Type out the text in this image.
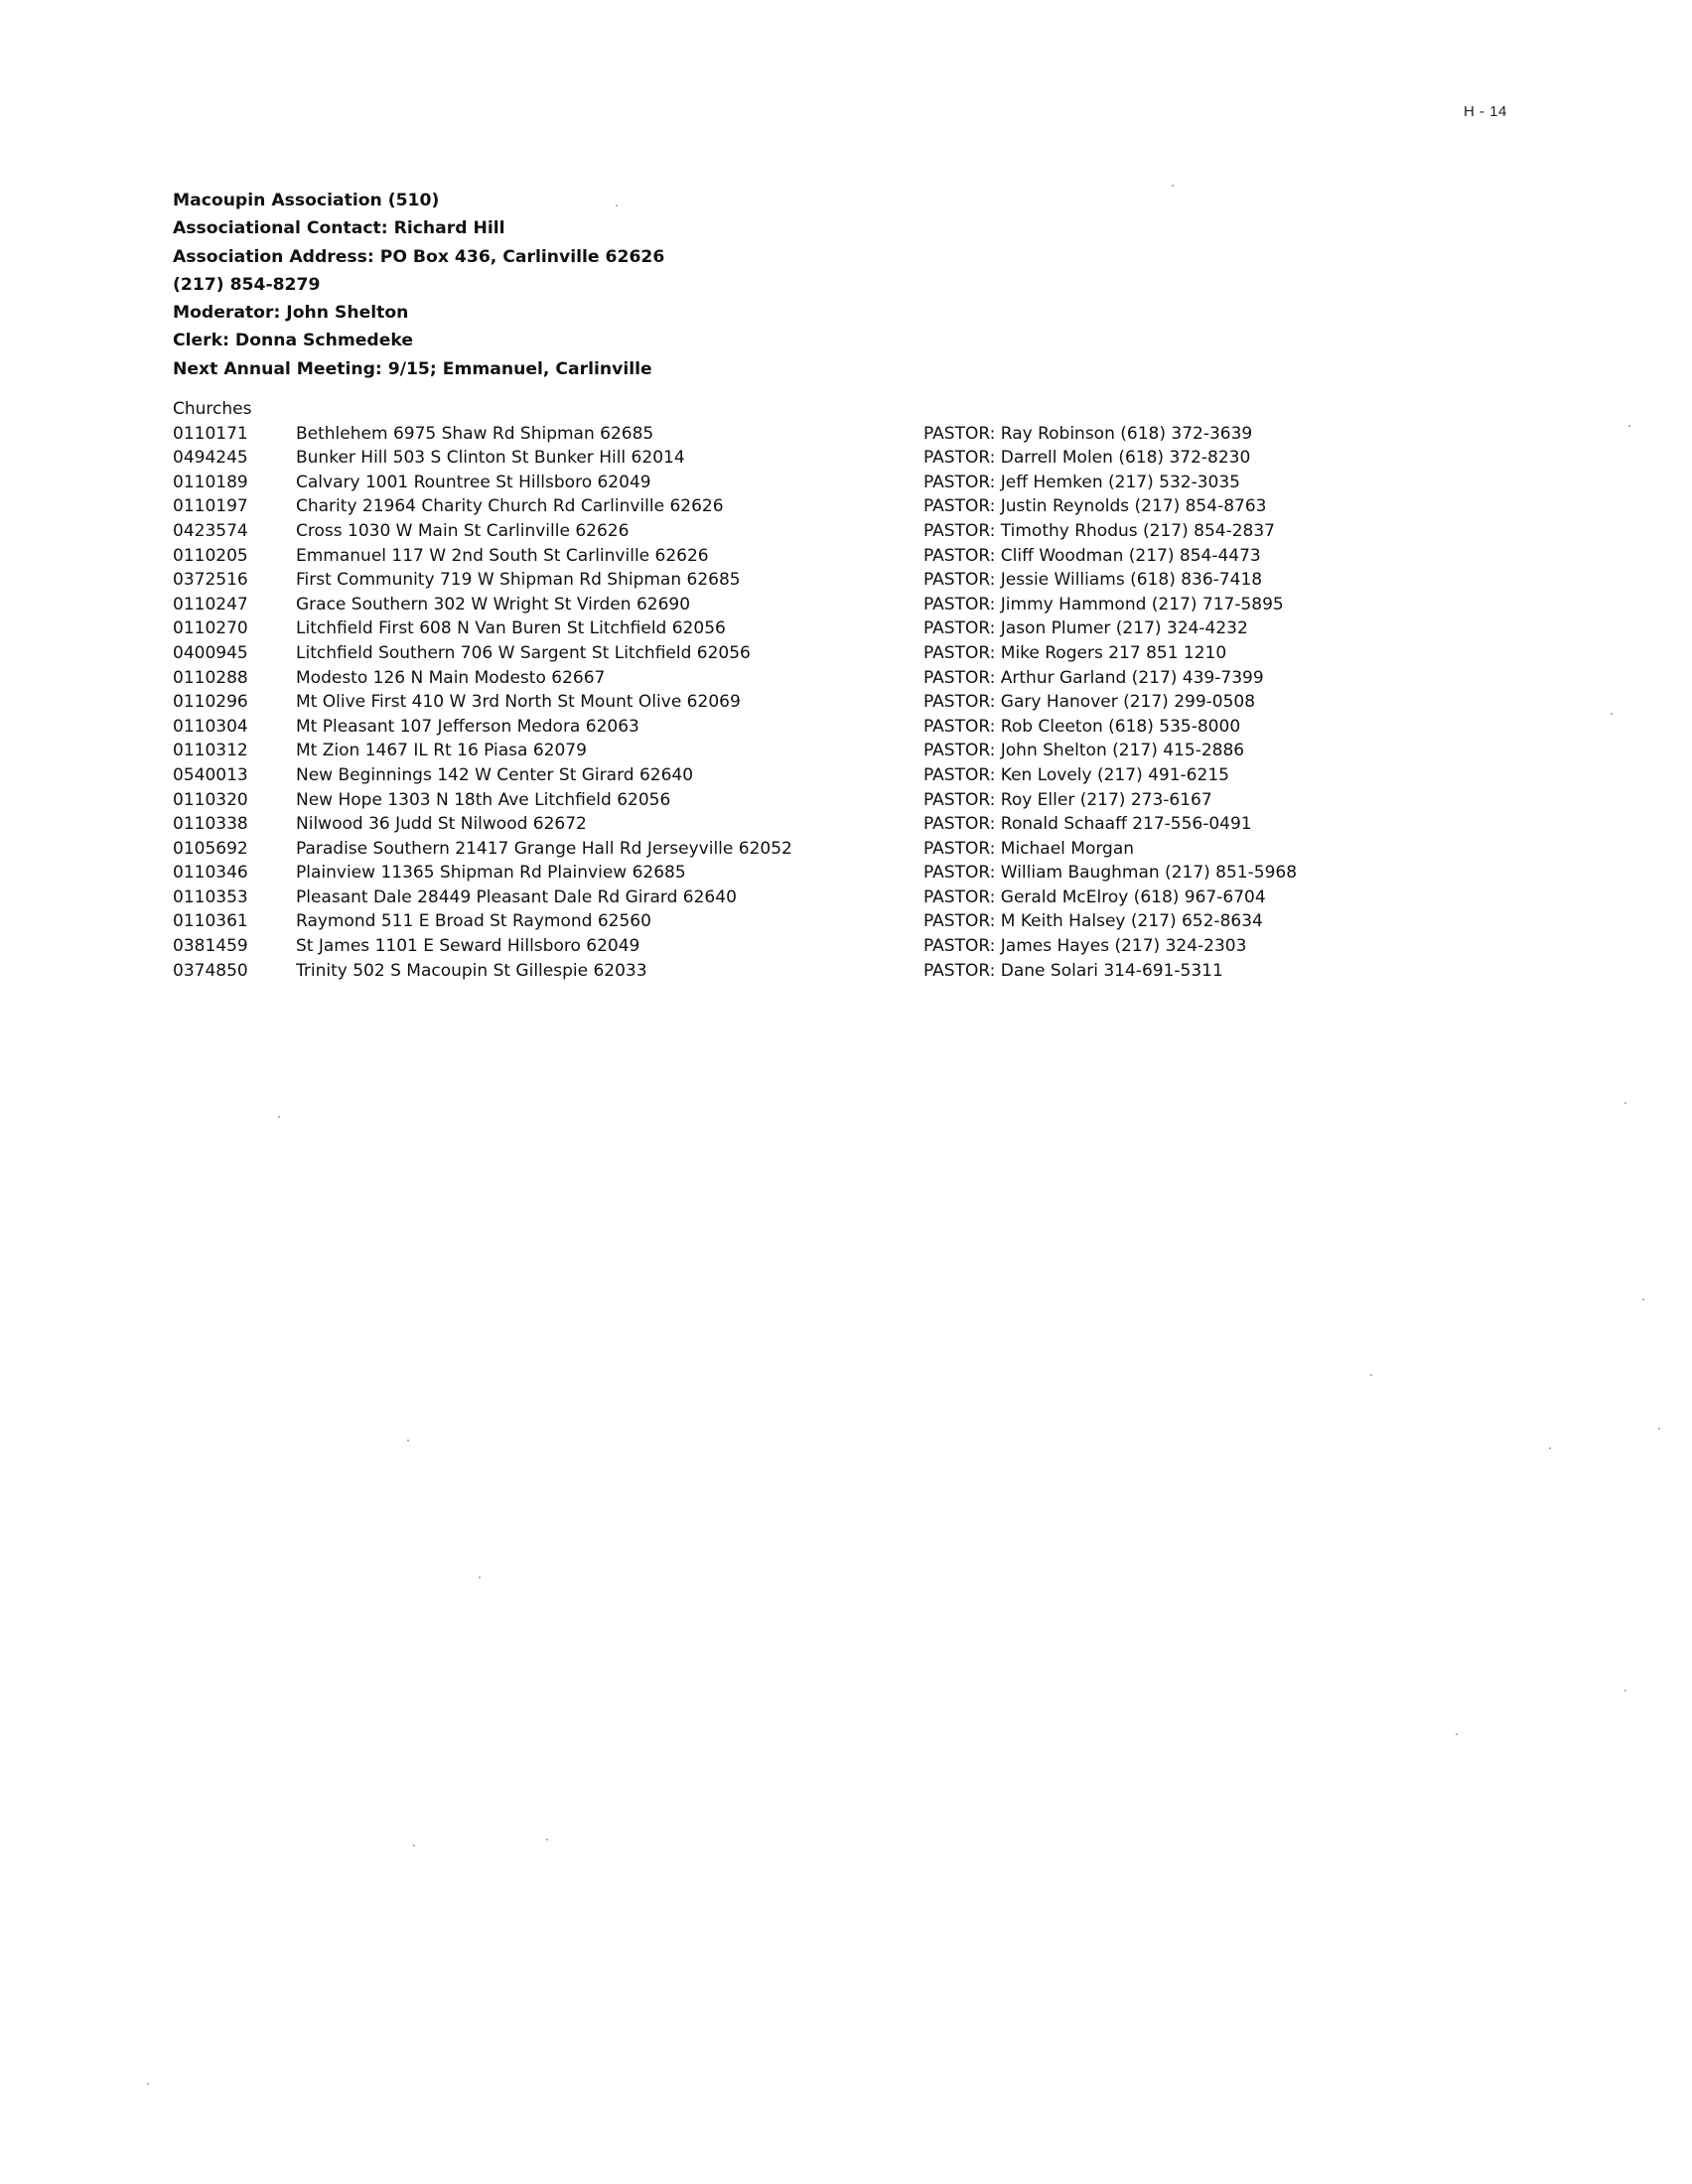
H - 14
Macoupin Association (510)
Associational Contact: Richard Hill
Association Address: PO Box 436, Carlinville 62626
(217) 854-8279
Moderator: John Shelton
Clerk: Donna Schmedeke
Next Annual Meeting: 9/15; Emmanuel, Carlinville
Churches
0110171	Bethlehem 6975 Shaw Rd Shipman 62685	PASTOR: Ray Robinson (618) 372-3639
0494245	Bunker Hill 503 S Clinton St Bunker Hill 62014	PASTOR: Darrell Molen (618) 372-8230
0110189	Calvary 1001 Rountree St Hillsboro 62049	PASTOR: Jeff Hemken (217) 532-3035
0110197	Charity 21964 Charity Church Rd Carlinville 62626	PASTOR: Justin Reynolds (217) 854-8763
0423574	Cross 1030 W Main St Carlinville 62626	PASTOR: Timothy Rhodus (217) 854-2837
0110205	Emmanuel 117 W 2nd South St Carlinville 62626	PASTOR: Cliff Woodman (217) 854-4473
0372516	First Community 719 W Shipman Rd Shipman 62685	PASTOR: Jessie Williams (618) 836-7418
0110247	Grace Southern 302 W Wright St Virden 62690	PASTOR: Jimmy Hammond (217) 717-5895
0110270	Litchfield First 608 N Van Buren St Litchfield 62056	PASTOR: Jason Plumer (217) 324-4232
0400945	Litchfield Southern 706 W Sargent St Litchfield 62056	PASTOR: Mike Rogers 217 851 1210
0110288	Modesto 126 N Main Modesto 62667	PASTOR: Arthur Garland (217) 439-7399
0110296	Mt Olive First 410 W 3rd North St Mount Olive 62069	PASTOR: Gary Hanover (217) 299-0508
0110304	Mt Pleasant 107 Jefferson Medora 62063	PASTOR: Rob Cleeton (618) 535-8000
0110312	Mt Zion 1467 IL Rt 16 Piasa 62079	PASTOR: John Shelton (217) 415-2886
0540013	New Beginnings 142 W Center St Girard 62640	PASTOR: Ken Lovely (217) 491-6215
0110320	New Hope 1303 N 18th Ave Litchfield 62056	PASTOR: Roy Eller (217) 273-6167
0110338	Nilwood 36 Judd St Nilwood 62672	PASTOR: Ronald Schaaff 217-556-0491
0105692	Paradise Southern 21417 Grange Hall Rd Jerseyville 62052	PASTOR: Michael Morgan
0110346	Plainview 11365 Shipman Rd Plainview 62685	PASTOR: William Baughman (217) 851-5968
0110353	Pleasant Dale 28449 Pleasant Dale Rd Girard 62640	PASTOR: Gerald McElroy (618) 967-6704
0110361	Raymond 511 E Broad St Raymond 62560	PASTOR: M Keith Halsey (217) 652-8634
0381459	St James 1101 E Seward Hillsboro 62049	PASTOR: James Hayes (217) 324-2303
0374850	Trinity 502 S Macoupin St Gillespie 62033	PASTOR: Dane Solari 314-691-5311
